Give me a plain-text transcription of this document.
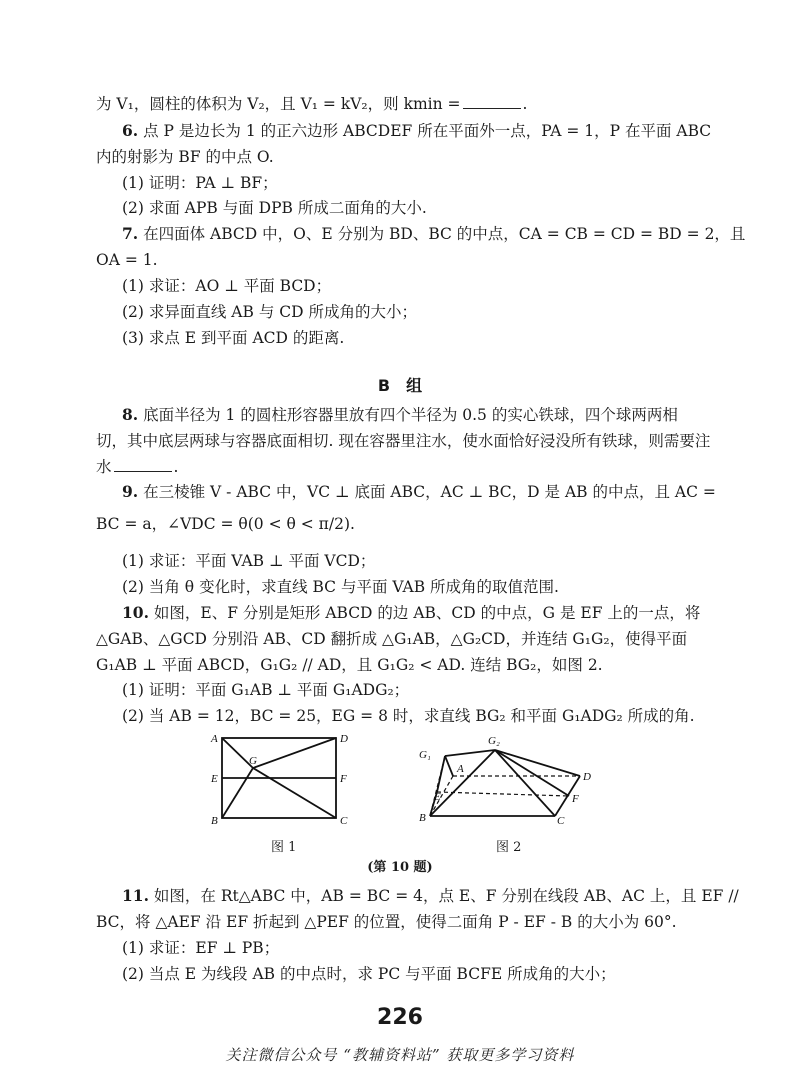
为 V₁，圆柱的体积为 V₂，且 V₁ = kV₂，则 kmin =	.
6. 点 P 是边长为 1 的正六边形 ABCDEF 所在平面外一点，PA = 1，P 在平面 ABC
内的射影为 BF 的中点 O.
(1) 证明：PA ⊥ BF；
(2) 求面 APB 与面 DPB 所成二面角的大小.
7. 在四面体 ABCD 中，O、E 分别为 BD、BC 的中点，CA = CB = CD = BD = 2，且
OA = 1.
(1) 求证：AO ⊥ 平面 BCD；
(2) 求异面直线 AB 与 CD 所成角的大小；
(3) 求点 E 到平面 ACD 的距离.
B　组
8. 底面半径为 1 的圆柱形容器里放有四个半径为 0.5 的实心铁球，四个球两两相
切，其中底层两球与容器底面相切. 现在容器里注水，使水面恰好浸没所有铁球，则需要注
水	.
9. 在三棱锥 V - ABC 中，VC ⊥ 底面 ABC，AC ⊥ BC，D 是 AB 的中点，且 AC =
BC = a，∠VDC = θ(0 < θ < π/2).
(1) 求证：平面 VAB ⊥ 平面 VCD；
(2) 当角 θ 变化时，求直线 BC 与平面 VAB 所成角的取值范围.
10. 如图，E、F 分别是矩形 ABCD 的边 AB、CD 的中点，G 是 EF 上的一点，将
△GAB、△GCD 分别沿 AB、CD 翻折成 △G₁AB，△G₂CD，并连结 G₁G₂，使得平面
G₁AB ⊥ 平面 ABCD，G₁G₂ // AD，且 G₁G₂ < AD. 连结 BG₂，如图 2.
(1) 证明：平面 G₁AB ⊥ 平面 G₁ADG₂；
(2) 当 AB = 12，BC = 25，EG = 8 时，求直线 BG₂ 和平面 G₁ADG₂ 所成的角.
A	D
E
G
F
B	C
G₁
G₂
A
D
E	F
B	C
图 1	图 2
(第 10 题)
11. 如图，在 Rt△ABC 中，AB = BC = 4，点 E、F 分别在线段 AB、AC 上，且 EF //
BC，将 △AEF 沿 EF 折起到 △PEF 的位置，使得二面角 P - EF - B 的大小为 60°.
(1) 求证：EF ⊥ PB；
(2) 当点 E 为线段 AB 的中点时，求 PC 与平面 BCFE 所成角的大小；
226
关注微信公众号 “教辅资料站” 获取更多学习资料
